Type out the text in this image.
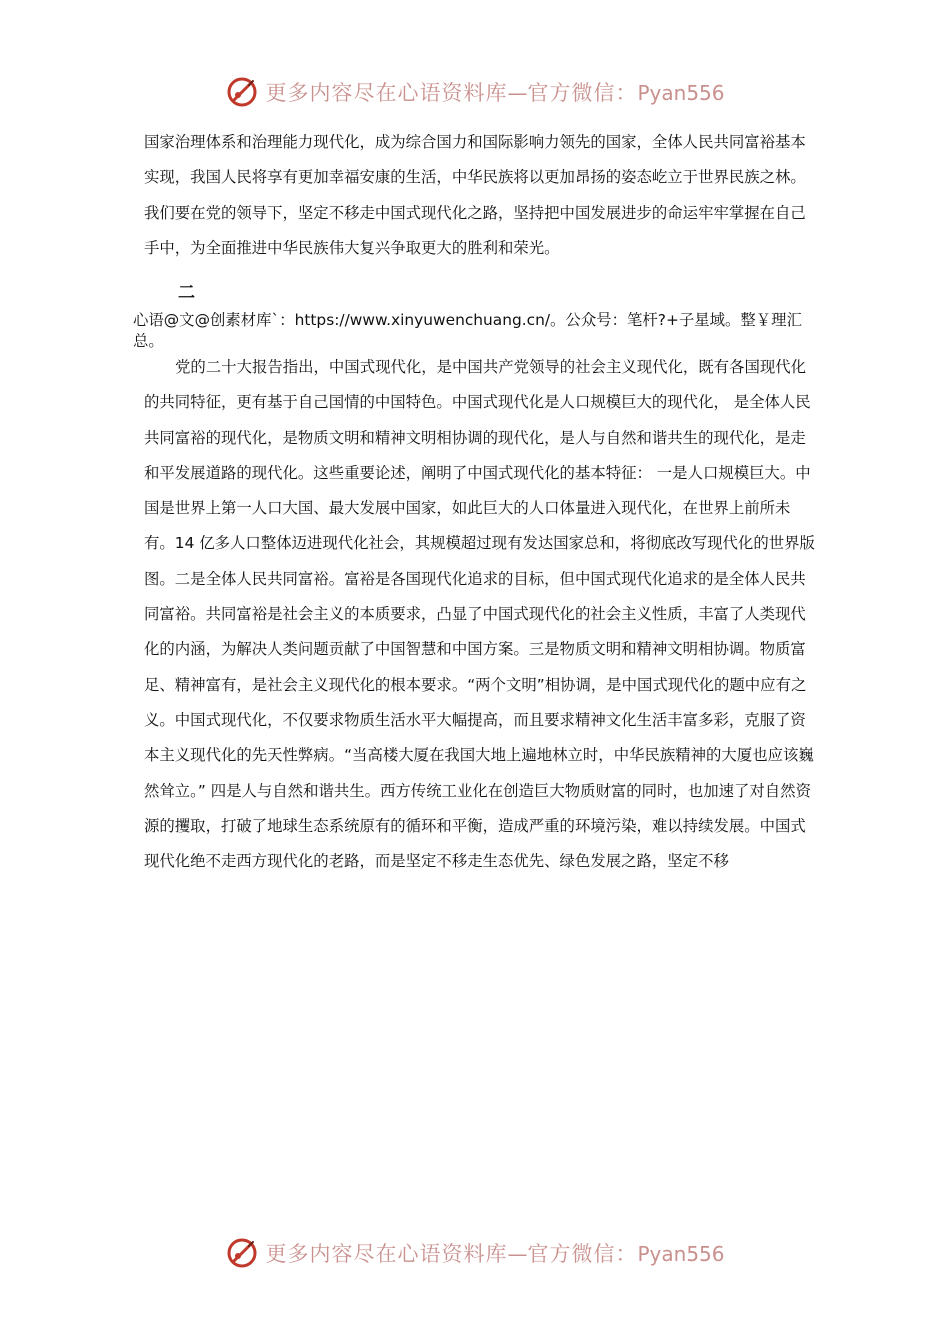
更多内容尽在心语资料库—官方微信：Pyan556

国家治理体系和治理能力现代化，成为综合国力和国际影响力领先的国家，全体人民共同富裕基本实现，我国人民将享有更加幸福安康的生活，中华民族将以更加昂扬的姿态屹立于世界民族之林。我们要在党的领导下，坚定不移走中国式现代化之路，坚持把中国发展进步的命运牢牢掌握在自己手中，为全面推进中华民族伟大复兴争取更大的胜利和荣光。

二

心语@文@创素材库`：https://www.xinyuwenchuang.cn/。公众号：笔杆?+子星域。整￥理汇总。

党的二十大报告指出，中国式现代化，是中国共产党领导的社会主义现代化，既有各国现代化的共同特征，更有基于自己国情的中国特色。中国式现代化是人口规模巨大的现代化， 是全体人民共同富裕的现代化，是物质文明和精神文明相协调的现代化，是人与自然和谐共生的现代化，是走和平发展道路的现代化。这些重要论述，阐明了中国式现代化的基本特征： 一是人口规模巨大。中国是世界上第一人口大国、最大发展中国家，如此巨大的人口体量进入现代化，在世界上前所未有。14 亿多人口整体迈进现代化社会，其规模超过现有发达国家总和，将彻底改写现代化的世界版图。二是全体人民共同富裕。富裕是各国现代化追求的目标，但中国式现代化追求的是全体人民共同富裕。共同富裕是社会主义的本质要求，凸显了中国式现代化的社会主义性质，丰富了人类现代化的内涵，为解决人类问题贡献了中国智慧和中国方案。三是物质文明和精神文明相协调。物质富足、精神富有，是社会主义现代化的根本要求。“两个文明”相协调，是中国式现代化的题中应有之义。中国式现代化，不仅要求物质生活水平大幅提高，而且要求精神文化生活丰富多彩，克服了资本主义现代化的先天性弊病。“当高楼大厦在我国大地上遍地林立时，中华民族精神的大厦也应该巍然耸立。” 四是人与自然和谐共生。西方传统工业化在创造巨大物质财富的同时，也加速了对自然资源的攫取，打破了地球生态系统原有的循环和平衡，造成严重的环境污染，难以持续发展。中国式现代化绝不走西方现代化的老路，而是坚定不移走生态优先、绿色发展之路，坚定不移

更多内容尽在心语资料库—官方微信：Pyan556
